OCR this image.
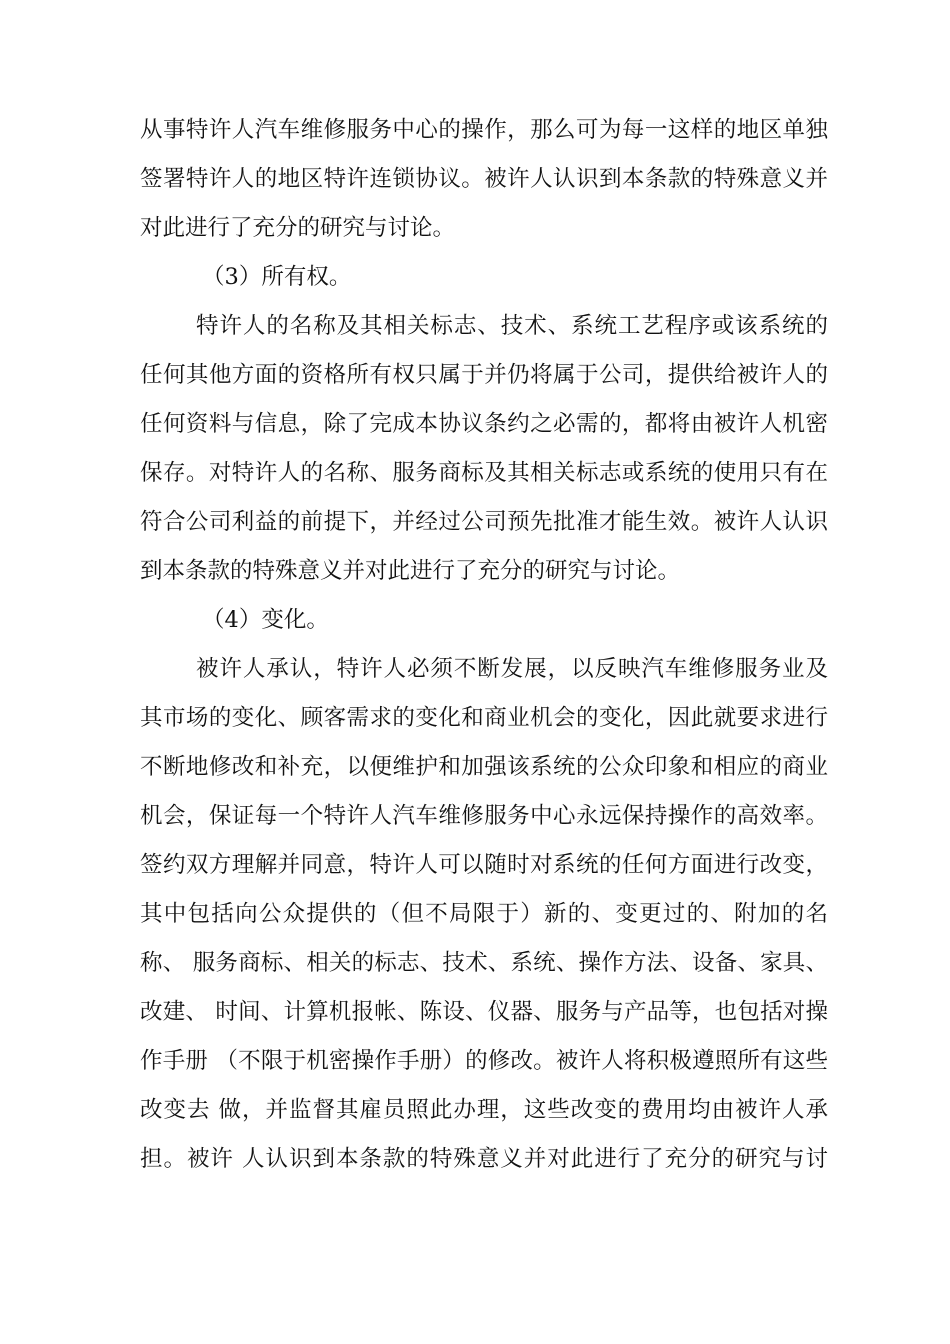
从事特许人汽车维修服务中心的操作，那么可为每一这样的地区单独
签署特许人的地区特许连锁协议。被许人认识到本条款的特殊意义并
对此进行了充分的研究与讨论。
（3）所有权。
特许人的名称及其相关标志、技术、系统工艺程序或该系统的
任何其他方面的资格所有权只属于并仍将属于公司，提供给被许人的
任何资料与信息，除了完成本协议条约之必需的，都将由被许人机密
保存。对特许人的名称、服务商标及其相关标志或系统的使用只有在
符合公司利益的前提下，并经过公司预先批准才能生效。被许人认识
到本条款的特殊意义并对此进行了充分的研究与讨论。
（4）变化。
被许人承认，特许人必须不断发展，以反映汽车维修服务业及
其市场的变化、顾客需求的变化和商业机会的变化，因此就要求进行
不断地修改和补充，以便维护和加强该系统的公众印象和相应的商业
机会，保证每一个特许人汽车维修服务中心永远保持操作的高效率。
签约双方理解并同意，特许人可以随时对系统的任何方面进行改变，
其中包括向公众提供的（但不局限于）新的、变更过的、附加的名
称、 服务商标、相关的标志、技术、系统、操作方法、设备、家具、
改建、 时间、计算机报帐、陈设、仪器、服务与产品等，也包括对操
作手册 （不限于机密操作手册）的修改。被许人将积极遵照所有这些
改变去 做，并监督其雇员照此办理，这些改变的费用均由被许人承
担。被许 人认识到本条款的特殊意义并对此进行了充分的研究与讨
